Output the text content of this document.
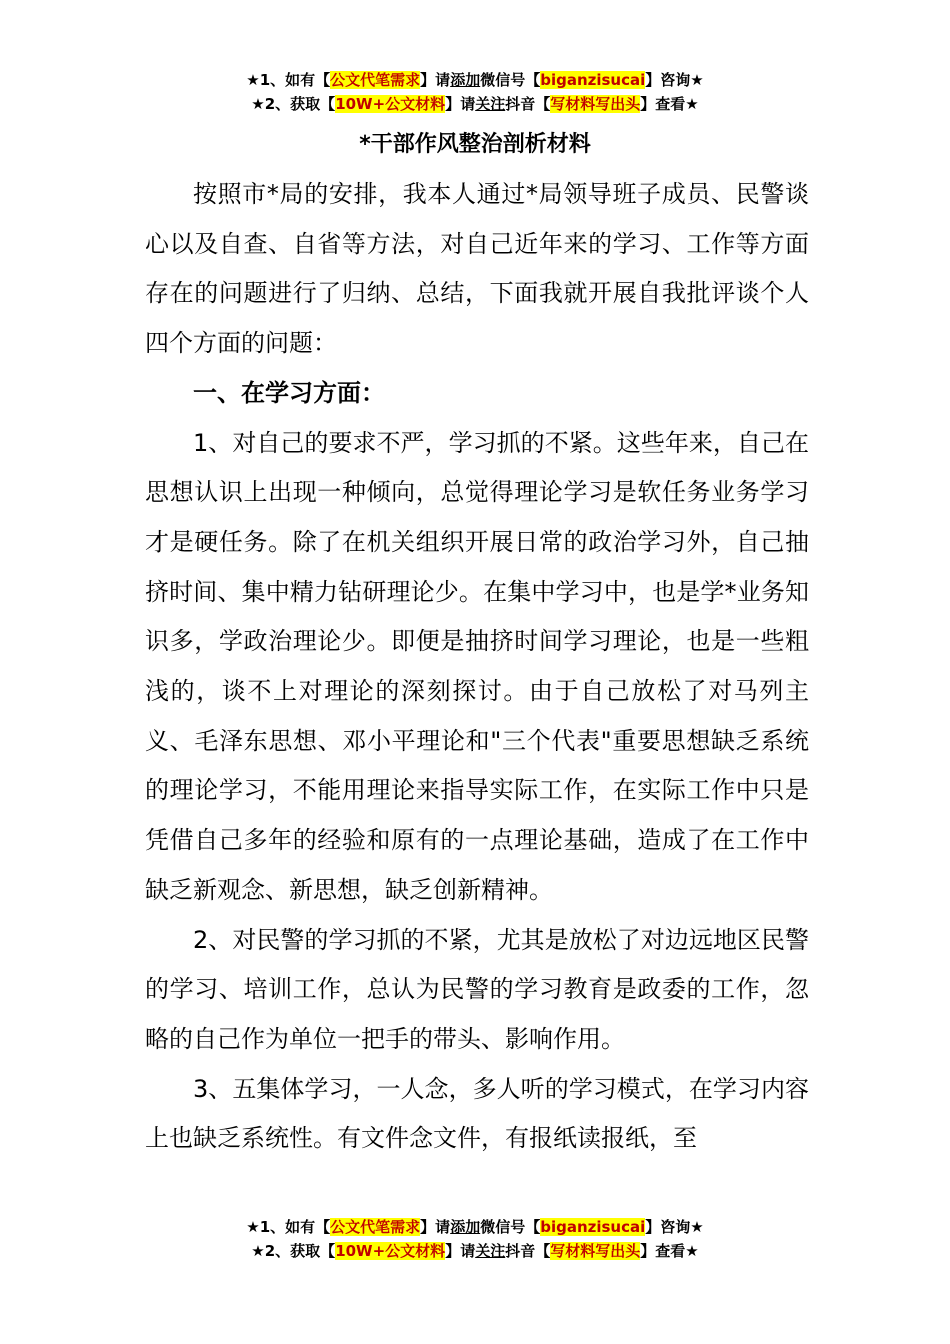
★1、如有【公文代笔需求】请添加微信号【biganzisucai】咨询★
★2、获取【10W+公文材料】请关注抖音【写材料写出头】查看★
*干部作风整治剖析材料

按照市*局的安排，我本人通过*局领导班子成员、民警谈心以及自查、自省等方法，对自己近年来的学习、工作等方面存在的问题进行了归纳、总结，下面我就开展自我批评谈个人四个方面的问题：

一、在学习方面：

1、对自己的要求不严，学习抓的不紧。这些年来，自己在思想认识上出现一种倾向，总觉得理论学习是软任务业务学习才是硬任务。除了在机关组织开展日常的政治学习外，自己抽挤时间、集中精力钻研理论少。在集中学习中，也是学*业务知识多，学政治理论少。即便是抽挤时间学习理论，也是一些粗浅的，谈不上对理论的深刻探讨。由于自己放松了对马列主义、毛泽东思想、邓小平理论和"三个代表"重要思想缺乏系统的理论学习，不能用理论来指导实际工作，在实际工作中只是凭借自己多年的经验和原有的一点理论基础，造成了在工作中缺乏新观念、新思想，缺乏创新精神。

2、对民警的学习抓的不紧，尤其是放松了对边远地区民警的学习、培训工作，总认为民警的学习教育是政委的工作，忽略的自己作为单位一把手的带头、影响作用。

3、五集体学习，一人念，多人听的学习模式，在学习内容上也缺乏系统性。有文件念文件，有报纸读报纸，至

★1、如有【公文代笔需求】请添加微信号【biganzisucai】咨询★
★2、获取【10W+公文材料】请关注抖音【写材料写出头】查看★
